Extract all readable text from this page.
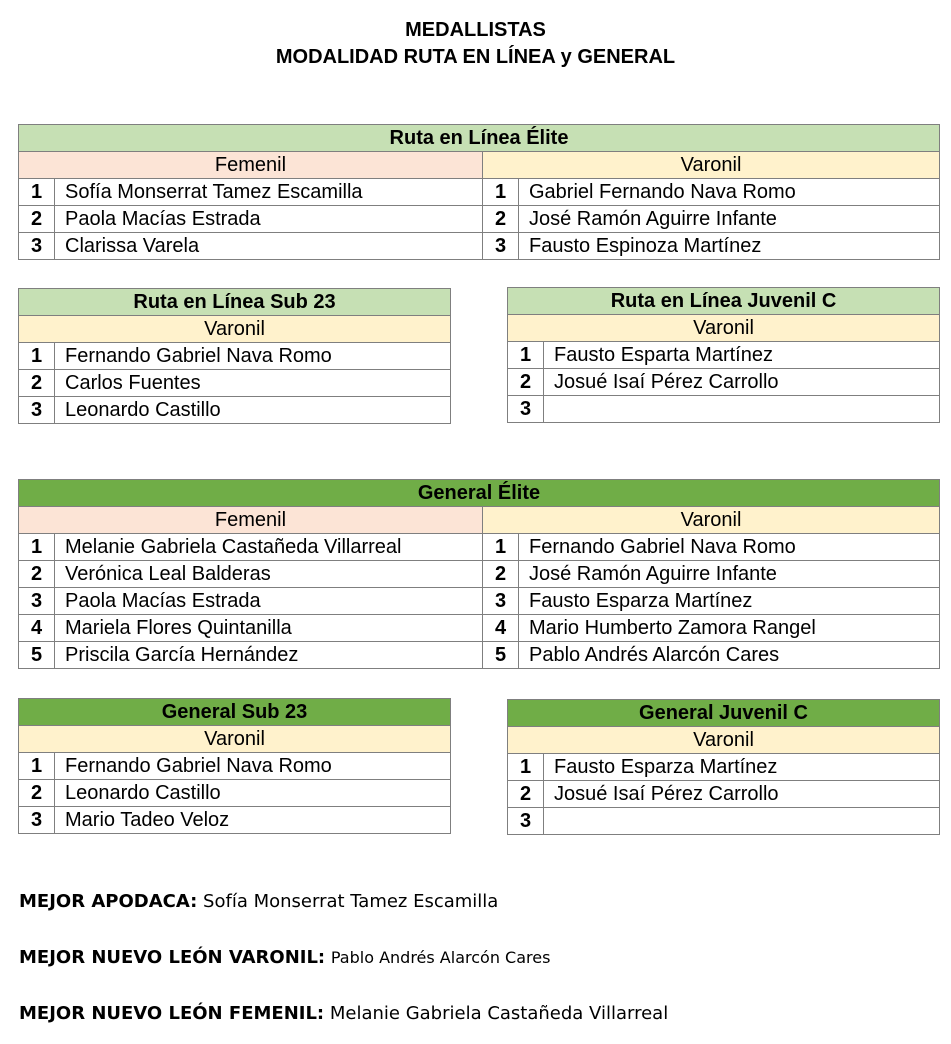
MEDALLISTAS
MODALIDAD RUTA EN LÍNEA y GENERAL
Ruta en Línea Élite			
Femenil		Varonil	
1	Sofía Monserrat Tamez Escamilla	1	Gabriel Fernando Nava Romo
2	Paola Macías Estrada	2	José Ramón Aguirre Infante
3	Clarissa Varela	3	Fausto Espinoza Martínez
Ruta en Línea Sub 23	
Varonil	
1	Fernando Gabriel Nava Romo
2	Carlos Fuentes
3	Leonardo Castillo
Ruta en Línea Juvenil C	
Varonil	
1	Fausto Esparta Martínez
2	Josué Isaí Pérez Carrollo
3	
General Élite			
Femenil		Varonil	
1	Melanie Gabriela Castañeda Villarreal	1	Fernando Gabriel Nava Romo
2	Verónica Leal Balderas	2	José Ramón Aguirre Infante
3	Paola Macías Estrada	3	Fausto Esparza Martínez
4	Mariela Flores Quintanilla	4	Mario Humberto Zamora Rangel
5	Priscila García Hernández	5	Pablo Andrés Alarcón Cares
General Sub 23	
Varonil	
1	Fernando Gabriel Nava Romo
2	Leonardo Castillo
3	Mario Tadeo Veloz
General Juvenil C	
Varonil	
1	Fausto Esparza Martínez
2	Josué Isaí Pérez Carrollo
3	
MEJOR APODACA: Sofía Monserrat Tamez Escamilla
MEJOR NUEVO LEÓN VARONIL: Pablo Andrés Alarcón Cares
MEJOR NUEVO LEÓN FEMENIL: Melanie Gabriela Castañeda Villarreal
